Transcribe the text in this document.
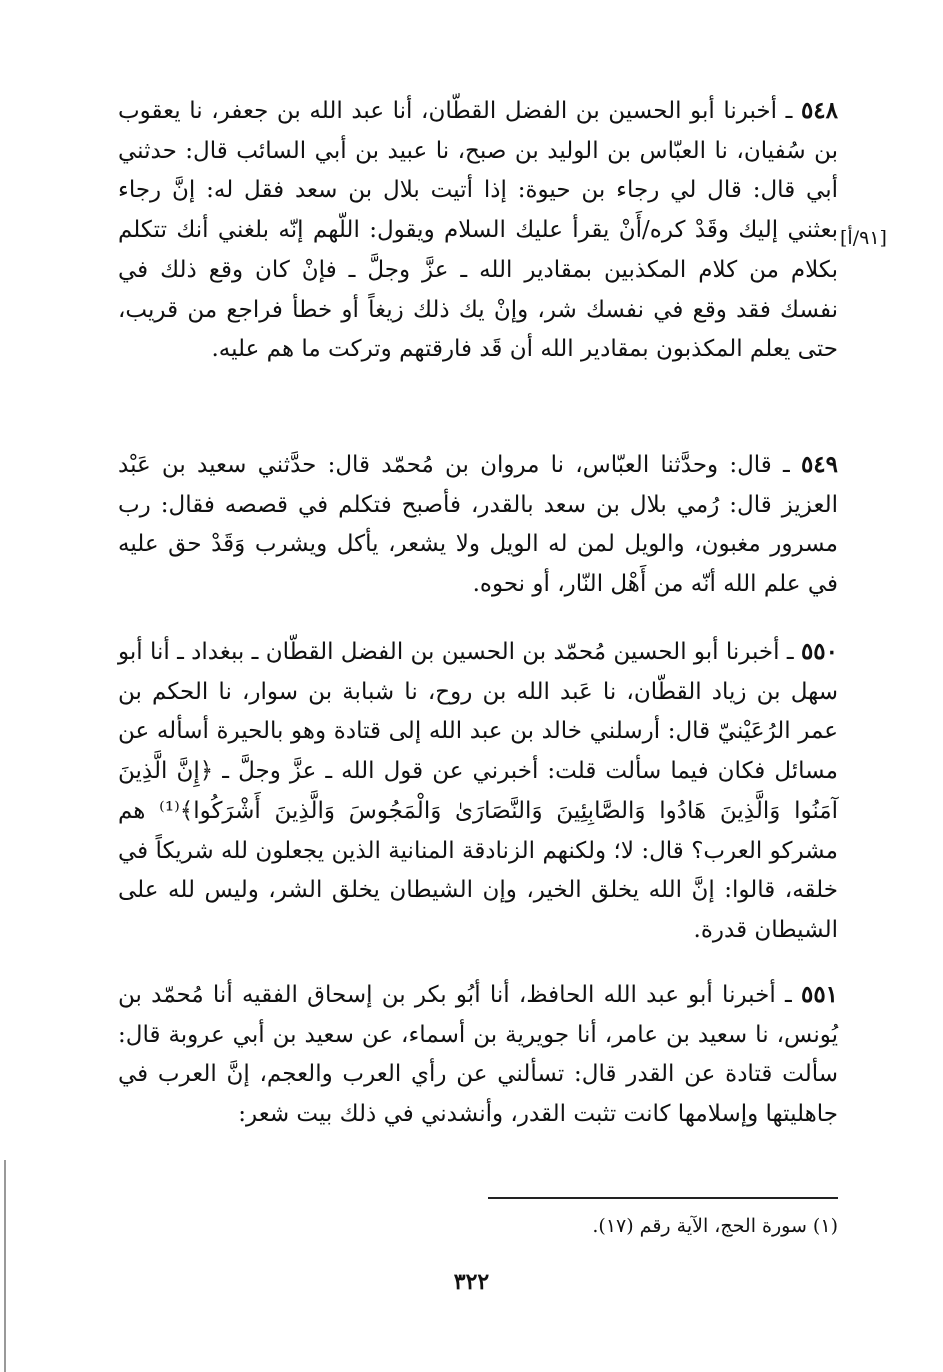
[٩١/أ]
٥٤٨ ـ أخبرنا أبو الحسين بن الفضل القطّان، أنا عبد الله بن جعفر، نا يعقوب بن سُفيان، نا العبّاس بن الوليد بن صبح، نا عبيد بن أبي السائب قال: حدثني أبي قال: قال لي رجاء بن حيوة: إذا أتيت بلال بن سعد فقل له: إنَّ رجاء بعثني إليك وقَدْ كره/أَنْ يقرأ عليك السلام ويقول: اللّهم إنّه بلغني أنك تتكلم بكلام من كلام المكذبين بمقادير الله ـ عزَّ وجلَّ ـ فإنْ كان وقع ذلك في نفسك فقد وقع في نفسك شر، وإنْ يك ذلك زيغاً أو خطأ فراجع من قريب، حتى يعلم المكذبون بمقادير الله أن قَد فارقتهم وتركت ما هم عليه.
٥٤٩ ـ قال: وحدَّثنا العبّاس، نا مروان بن مُحمّد قال: حدَّثني سعيد بن عَبْد العزيز قال: رُمي بلال بن سعد بالقدر، فأصبح فتكلم في قصصه فقال: رب مسرور مغبون، والويل لمن له الويل ولا يشعر، يأكل ويشرب وَقَدْ حق عليه في علم الله أنّه من أَهْل النّار، أو نحوه.
٥٥٠ ـ أخبرنا أبو الحسين مُحمّد بن الحسين بن الفضل القطّان ـ ببغداد ـ أنا أبو سهل بن زياد القطّان، نا عَبد الله بن روح، نا شبابة بن سوار، نا الحكم بن عمر الرُعَيْنيّ قال: أرسلني خالد بن عبد الله إلى قتادة وهو بالحيرة أسأله عن مسائل فكان فيما سألت قلت: أخبرني عن قول الله ـ عزَّ وجلَّ ـ ﴿إِنَّ الَّذِينَ آمَنُوا وَالَّذِينَ هَادُوا وَالصَّابِئِينَ وَالنَّصَارَىٰ وَالْمَجُوسَ وَالَّذِينَ أَشْرَكُوا﴾⁽¹⁾ هم مشركو العرب؟ قال: لا؛ ولكنهم الزنادقة المنانية الذين يجعلون لله شريكاً في خلقه، قالوا: إنَّ الله يخلق الخير، وإن الشيطان يخلق الشر، وليس لله على الشيطان قدرة.
٥٥١ ـ أخبرنا أبو عبد الله الحافظ، أنا أبُو بكر بن إسحاق الفقيه أنا مُحمّد بن يُونس، نا سعيد بن عامر، أنا جويرية بن أسماء، عن سعيد بن أبي عروبة قال: سألت قتادة عن القدر قال: تسألني عن رأي العرب والعجم، إنَّ العرب في جاهليتها وإسلامها كانت تثبت القدر، وأنشدني في ذلك بيت شعر:
(١) سورة الحج، الآية رقم (١٧).
٣٢٢
